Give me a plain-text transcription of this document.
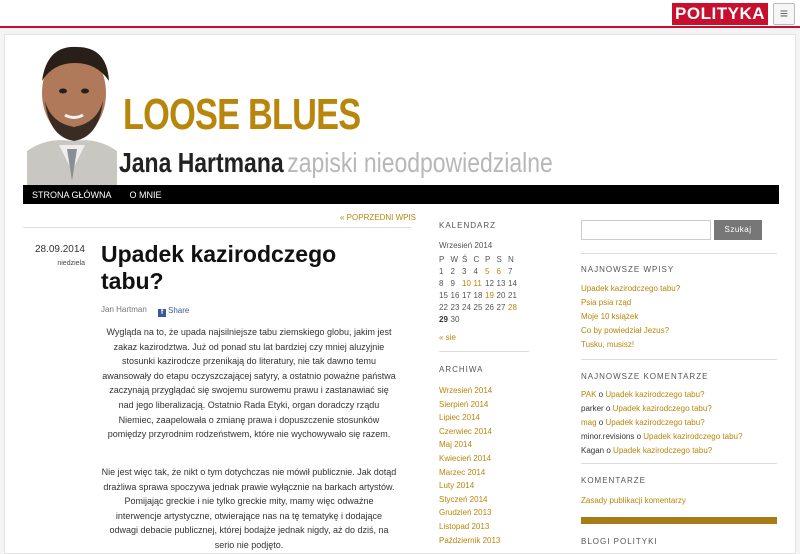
POLITYKA	≡
LOOSE BLUES
Jana Hartmana zapiski nieodpowiedzialne
STRONA GŁÓWNA O MNIE
« POPRZEDNI WPIS
28.09.2014
niedziela Upadek kazirodczego tabu?
Jan Hartman	f Share

Wygląda na to, że upada najsilniejsze tabu ziemskiego globu, jakim jest zakaz kazirodztwa. Już od ponad stu lat bardziej czy mniej aluzyjnie stosunki kazirodcze przenikają do literatury, nie tak dawno temu awansowały do etapu oczyszczającej satyry, a ostatnio poważne państwa zaczynają przyglądać się swojemu surowemu prawu i zastanawiać się nad jego liberalizacją. Ostatnio Rada Etyki, organ doradczy rządu Niemiec, zaapelowała o zmianę prawa i dopuszczenie stosunków pomiędzy przyrodnim rodzeństwem, które nie wychowywało się razem.

Nie jest więc tak, że nikt o tym dotychczas nie mówił publicznie. Jak dotąd drażliwa sprawa spoczywa jednak prawie wyłącznie na barkach artystów. Pomijając greckie i nie tylko greckie mity, mamy więc odważne interwencje artystyczne, otwierające nas na tę tematykę i dodające odwagi debacie publicznej, której bodajże jednak nigdy, aż do dziś, na serio nie podjęto.

KALENDARZ
Wrzesień 2014
P	W	Ś	C	P	S	N
1	2	3	4	5	6	7
8	9	10	11	12	13	14
15	16	17	18	19	20	21
22	23	24	25	26	27	28
29	30					
« sie
ARCHIWA
Wrzesień 2014
Sierpień 2014
Lipiec 2014
Czerwiec 2014
Maj 2014
Kwiecień 2014
Marzec 2014
Luty 2014
Styczeń 2014
Grudzień 2013
Listopad 2013
Październik 2013
Szukaj
NAJNOWSZE WPISY
Upadek kazirodczego tabu?
Psia psia rząd
Moje 10 książek
Co by powiedział Jezus?
Tusku, musisz!
NAJNOWSZE KOMENTARZE
PAK o Upadek kazirodczego tabu?
parker o Upadek kazirodczego tabu?
mag o Upadek kazirodczego tabu?
minor.revisions o Upadek kazirodczego tabu?
Kagan o Upadek kazirodczego tabu?
KOMENTARZE
Zasady publikacji komentarzy
BLOGI POLITYKI
